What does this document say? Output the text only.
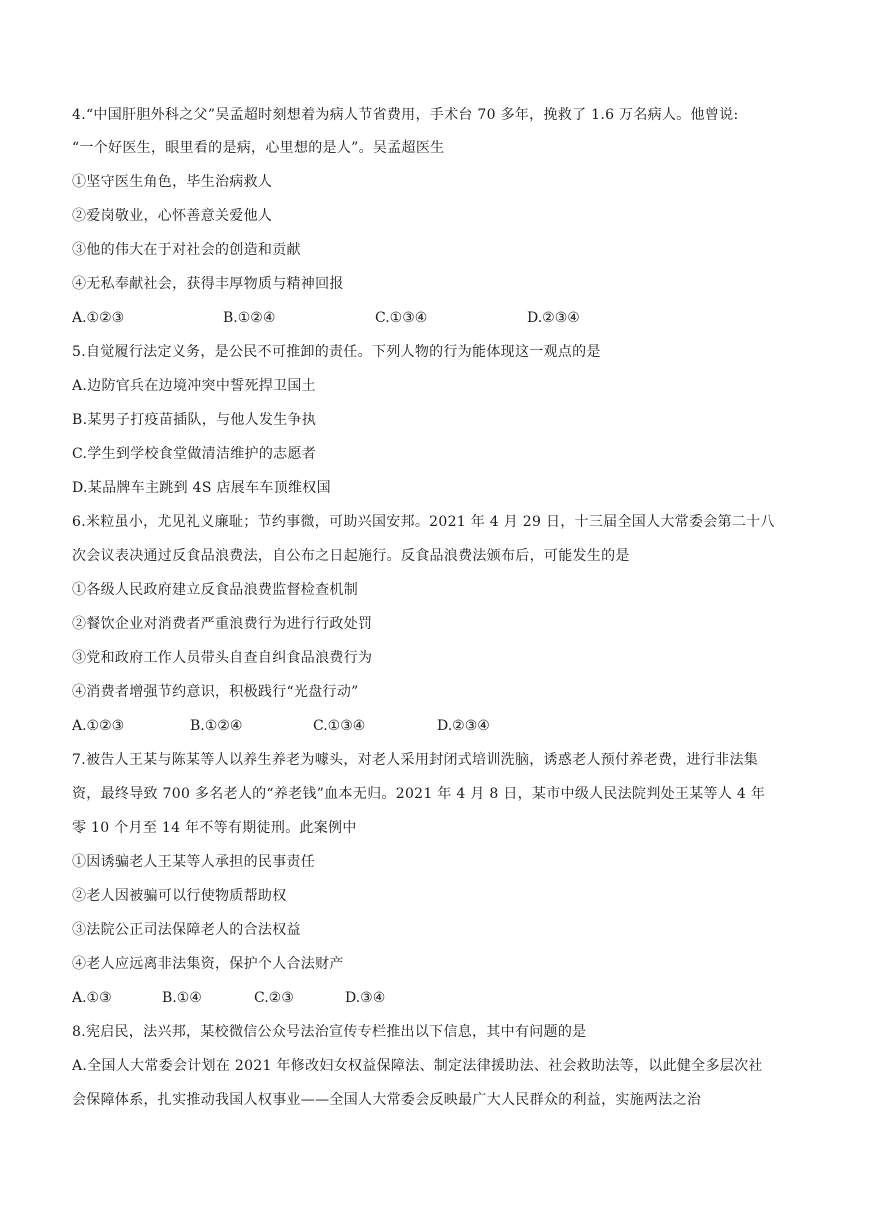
4.“中国肝胆外科之父”吴孟超时刻想着为病人节省费用，手术台 70 多年，挽救了 1.6 万名病人。他曾说:
“一个好医生，眼里看的是病，心里想的是人”。吴孟超医生
①坚守医生角色，毕生治病救人
②爱岗敬业，心怀善意关爱他人
③他的伟大在于对社会的创造和贡献
④无私奉献社会，获得丰厚物质与精神回报
A.①②③	B.①②④	C.①③④	D.②③④
5.自觉履行法定义务，是公民不可推卸的责任。下列人物的行为能体现这一观点的是
A.边防官兵在边境冲突中誓死捍卫国土
B.某男子打疫苗插队，与他人发生争执
C.学生到学校食堂做清洁维护的志愿者
D.某品牌车主跳到 4S 店展车车顶维权国
6.米粒虽小，尤见礼义廉耻；节约事微，可助兴国安邦。2021 年 4 月 29 日，十三届全国人大常委会第二十八
次会议表决通过反食品浪费法，自公布之日起施行。反食品浪费法颁布后，可能发生的是
①各级人民政府建立反食品浪费监督检查机制
②餐饮企业对消费者严重浪费行为进行行政处罚
③党和政府工作人员带头自查自纠食品浪费行为
④消费者增强节约意识，积极践行“光盘行动”
A.①②③	B.①②④	C.①③④	D.②③④
7.被告人王某与陈某等人以养生养老为噱头，对老人采用封闭式培训洗脑，诱惑老人预付养老费，进行非法集
资，最终导致 700 多名老人的“养老钱”血本无归。2021 年 4 月 8 日，某市中级人民法院判处王某等人 4 年
零 10 个月至 14 年不等有期徒刑。此案例中
①因诱骗老人王某等人承担的民事责任
②老人因被骗可以行使物质帮助权
③法院公正司法保障老人的合法权益
④老人应远离非法集资，保护个人合法财产
A.①③	B.①④	C.②③	D.③④
8.宪启民，法兴邦，某校微信公众号法治宣传专栏推出以下信息，其中有问题的是
A.全国人大常委会计划在 2021 年修改妇女权益保障法、制定法律援助法、社会救助法等，以此健全多层次社
会保障体系，扎实推动我国人权事业——全国人大常委会反映最广大人民群众的利益，实施两法之治
